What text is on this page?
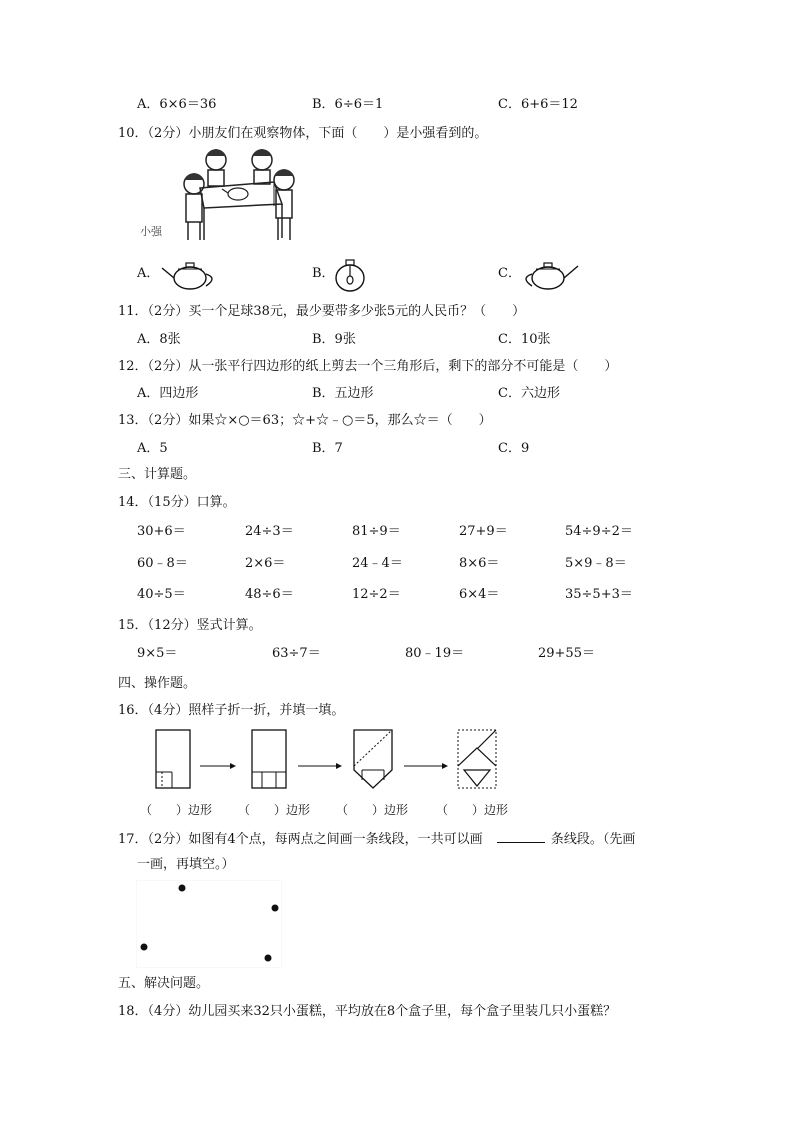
A．6×6＝36	B．6÷6＝1	C．6+6＝12
10．（2分）小朋友们在观察物体，下面（　　）是小强看到的。
小强
A．	B．	C．
11．（2分）买一个足球38元，最少要带多少张5元的人民币？（　　）
A．8张	B．9张	C．10张
12．（2分）从一张平行四边形的纸上剪去一个三角形后，剩下的部分不可能是（　　）
A．四边形	B．五边形	C．六边形
13．（2分）如果☆×○＝63；☆+☆﹣○＝5，那么☆＝（　　）
A．5	B．7	C．9
三、计算题。
14．（15分）口算。
30+6＝	24÷3＝	81÷9＝	27+9＝	54÷9÷2＝
60﹣8＝	2×6＝	24﹣4＝	8×6＝	5×9﹣8＝
40÷5＝	48÷6＝	12÷2＝	6×4＝	35÷5+3＝
15．（12分）竖式计算。
9×5＝	63÷7＝	80﹣19＝	29+55＝
四、操作题。
16．（4分）照样子折一折，并填一填。
（　　）边形 （　　）边形 （　　）边形 （　　）边形
17．（2分）如图有4个点，每两点之间画一条线段，一共可以画	条线段。（先画
一画，再填空。）
五、解决问题。
18．（4分）幼儿园买来32只小蛋糕，平均放在8个盒子里，每个盒子里装几只小蛋糕？
